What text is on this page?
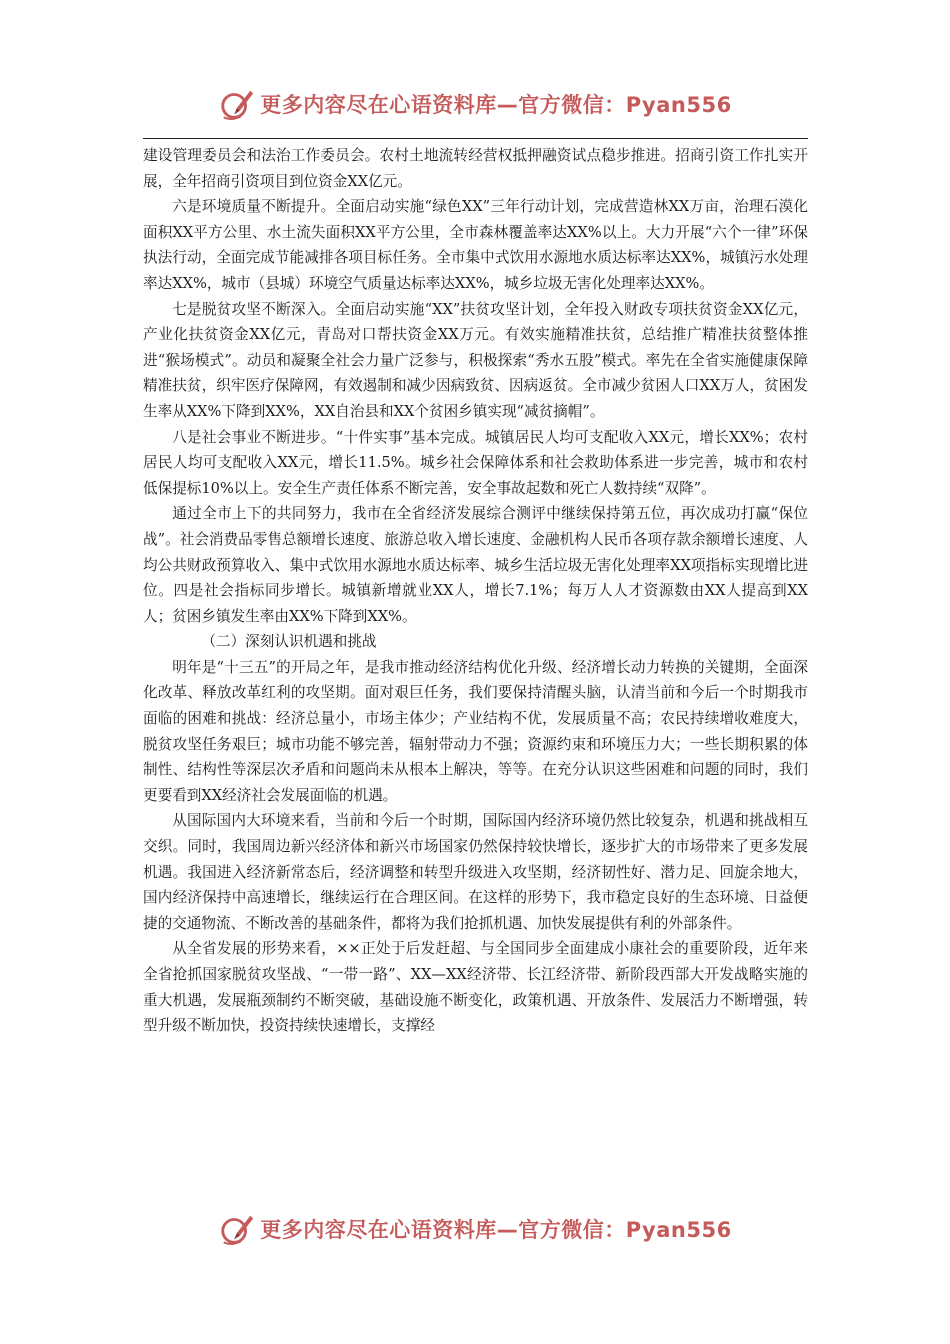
更多内容尽在心语资料库—官方微信：Pyan556

建设管理委员会和法治工作委员会。农村土地流转经营权抵押融资试点稳步推进。招商引资工作扎实开展，全年招商引资项目到位资金XX亿元。

六是环境质量不断提升。全面启动实施“绿色XX”三年行动计划，完成营造林XX万亩，治理石漠化面积XX平方公里、水土流失面积XX平方公里，全市森林覆盖率达XX%以上。大力开展“六个一律”环保执法行动，全面完成节能减排各项目标任务。全市集中式饮用水源地水质达标率达XX%，城镇污水处理率达XX%，城市（县城）环境空气质量达标率达XX%，城乡垃圾无害化处理率达XX%。

七是脱贫攻坚不断深入。全面启动实施“XX”扶贫攻坚计划，全年投入财政专项扶贫资金XX亿元，产业化扶贫资金XX亿元，青岛对口帮扶资金XX万元。有效实施精准扶贫，总结推广精准扶贫整体推进“猴场模式”。动员和凝聚全社会力量广泛参与，积极探索“秀水五股”模式。率先在全省实施健康保障精准扶贫，织牢医疗保障网，有效遏制和减少因病致贫、因病返贫。全市减少贫困人口XX万人，贫困发生率从XX%下降到XX%，XX自治县和XX个贫困乡镇实现“减贫摘帽”。

八是社会事业不断进步。“十件实事”基本完成。城镇居民人均可支配收入XX元，增长XX%；农村居民人均可支配收入XX元，增长11.5%。城乡社会保障体系和社会救助体系进一步完善，城市和农村低保提标10%以上。安全生产责任体系不断完善，安全事故起数和死亡人数持续“双降”。

通过全市上下的共同努力，我市在全省经济发展综合测评中继续保持第五位，再次成功打赢“保位战”。社会消费品零售总额增长速度、旅游总收入增长速度、金融机构人民币各项存款余额增长速度、人均公共财政预算收入、集中式饮用水源地水质达标率、城乡生活垃圾无害化处理率XX项指标实现增比进位。四是社会指标同步增长。城镇新增就业XX人，增长7.1%；每万人人才资源数由XX人提高到XX人；贫困乡镇发生率由XX%下降到XX%。

（二）深刻认识机遇和挑战

明年是“十三五”的开局之年，是我市推动经济结构优化升级、经济增长动力转换的关键期，全面深化改革、释放改革红利的攻坚期。面对艰巨任务，我们要保持清醒头脑，认清当前和今后一个时期我市面临的困难和挑战：经济总量小，市场主体少；产业结构不优，发展质量不高；农民持续增收难度大，脱贫攻坚任务艰巨；城市功能不够完善，辐射带动力不强；资源约束和环境压力大；一些长期积累的体制性、结构性等深层次矛盾和问题尚未从根本上解决，等等。在充分认识这些困难和问题的同时，我们更要看到XX经济社会发展面临的机遇。

从国际国内大环境来看，当前和今后一个时期，国际国内经济环境仍然比较复杂，机遇和挑战相互交织。同时，我国周边新兴经济体和新兴市场国家仍然保持较快增长，逐步扩大的市场带来了更多发展机遇。我国进入经济新常态后，经济调整和转型升级进入攻坚期，经济韧性好、潜力足、回旋余地大，国内经济保持中高速增长，继续运行在合理区间。在这样的形势下，我市稳定良好的生态环境、日益便捷的交通物流、不断改善的基础条件，都将为我们抢抓机遇、加快发展提供有利的外部条件。

从全省发展的形势来看，××正处于后发赶超、与全国同步全面建成小康社会的重要阶段，近年来全省抢抓国家脱贫攻坚战、“一带一路”、XX—XX经济带、长江经济带、新阶段西部大开发战略实施的重大机遇，发展瓶颈制约不断突破，基础设施不断变化，政策机遇、开放条件、发展活力不断增强，转型升级不断加快，投资持续快速增长，支撑经

更多内容尽在心语资料库—官方微信：Pyan556
